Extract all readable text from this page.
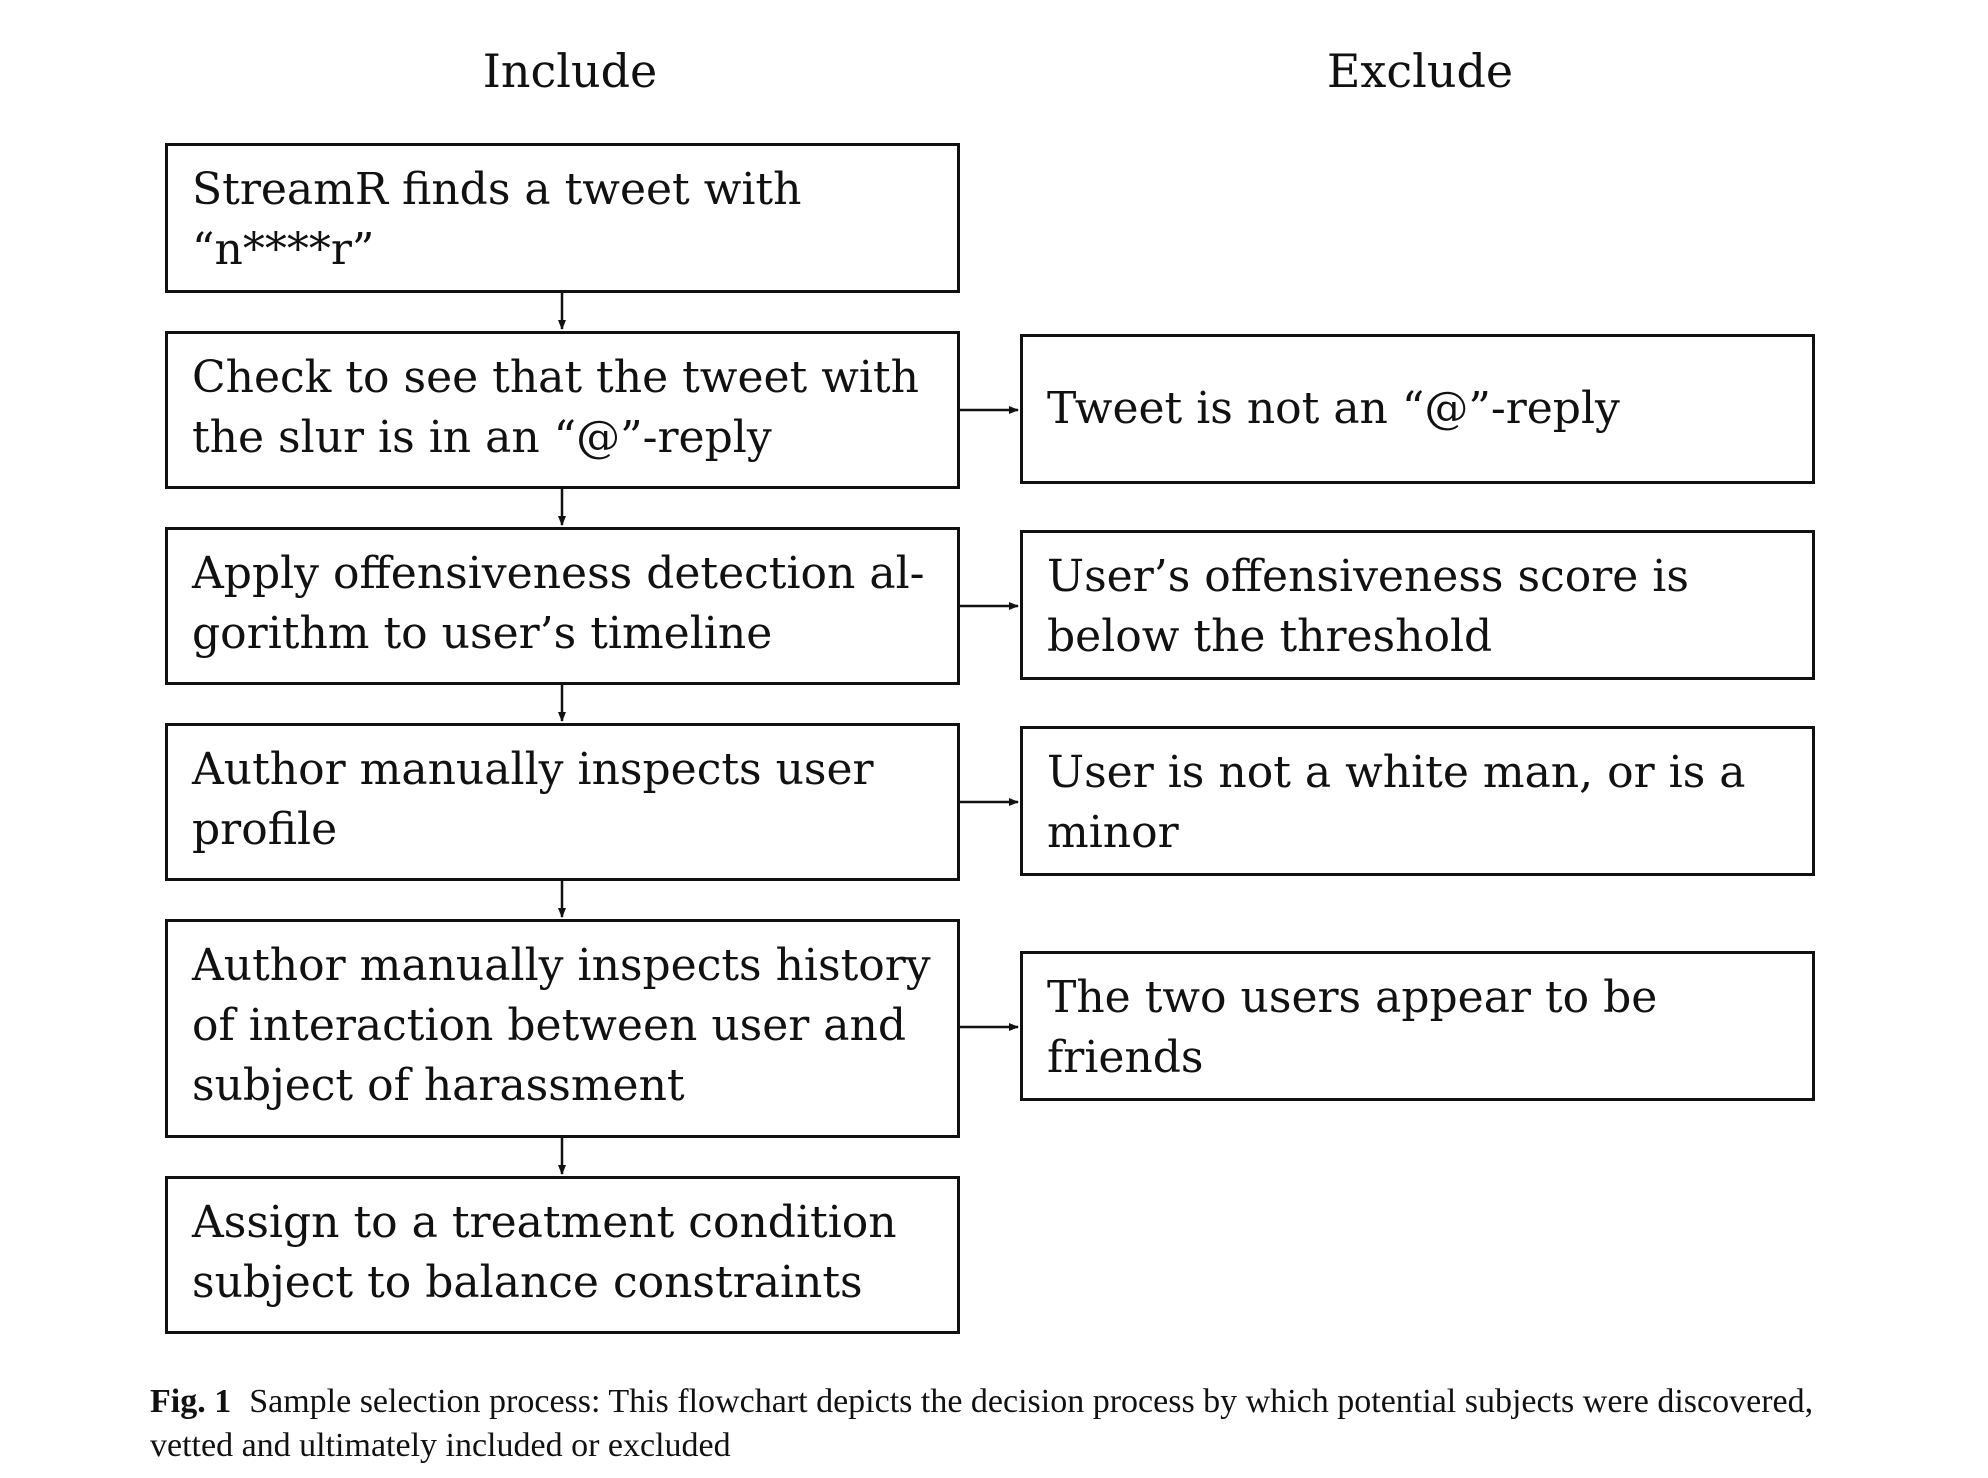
Include	Exclude
StreamR finds a tweet with “n****r”
Check to see that the tweet with the slur is in an “@”-reply
Apply offensiveness detection al-gorithm to user’s timeline
Author manually inspects user profile
Author manually inspects history of interaction between user and subject of harassment
Assign to a treatment condition subject to balance constraints
Tweet is not an “@”-reply
User’s offensiveness score is below the threshold
User is not a white man, or is a minor
The two users appear to be friends
Fig. 1 Sample selection process: This flowchart depicts the decision process by which potential subjects were discovered, vetted and ultimately included or excluded
